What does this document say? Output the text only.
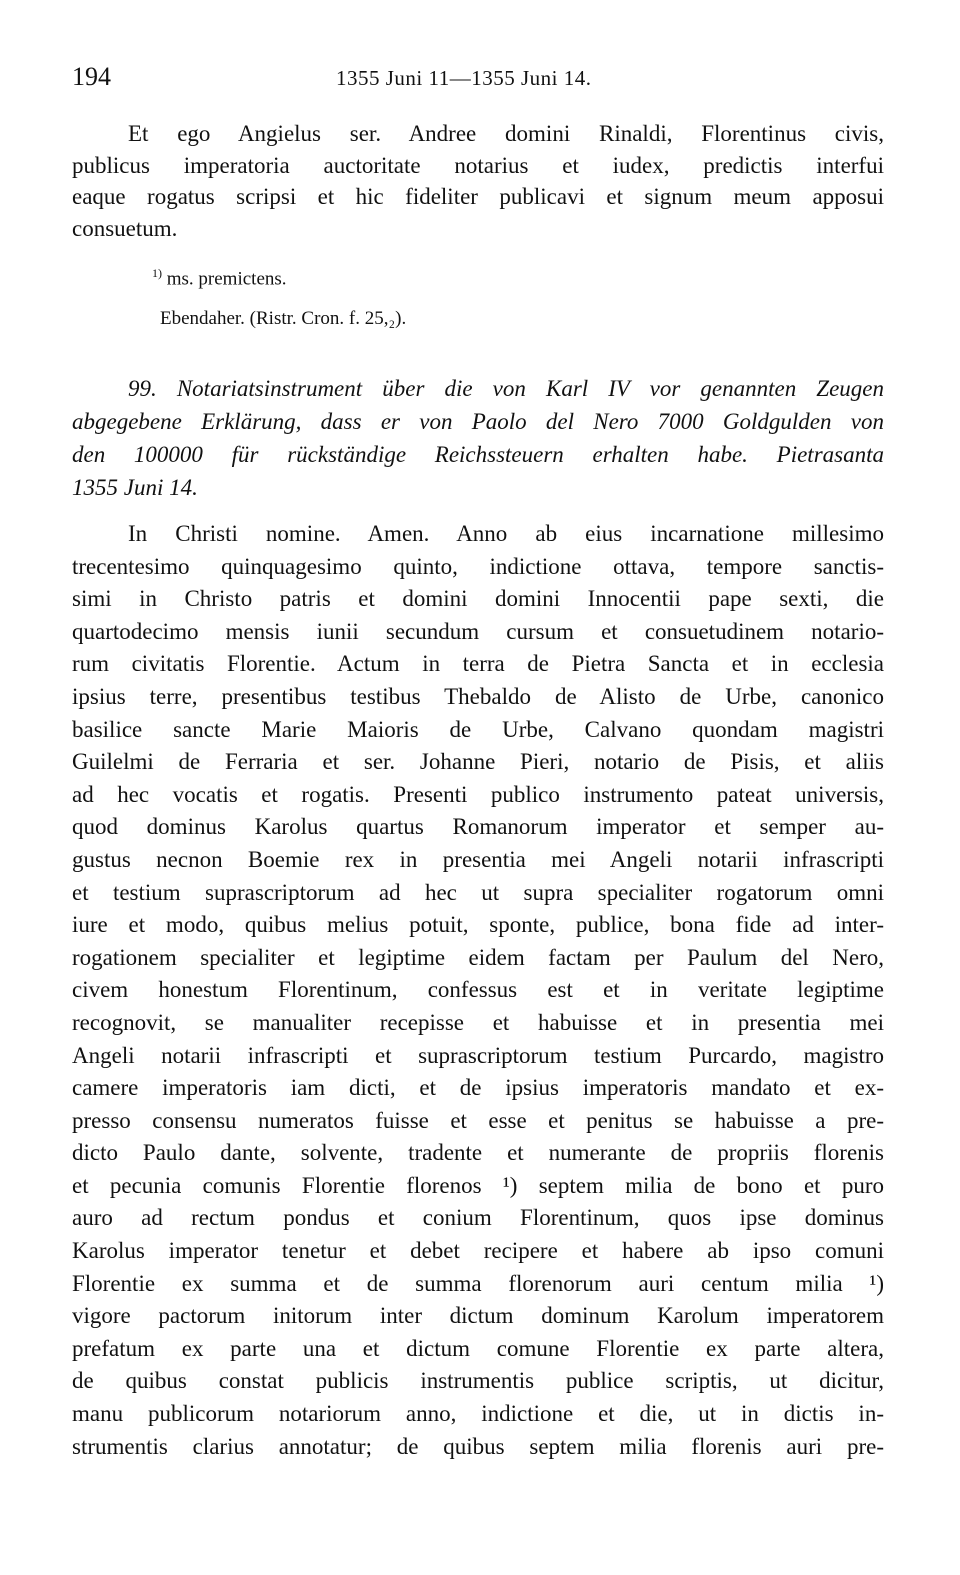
194	1355 Juni 11—1355 Juni 14.
Et ego Angielus ser. Andree domini Rinaldi, Florentinus civis,
publicus imperatoria auctoritate notarius et iudex, predictis interfui
eaque rogatus scripsi et hic fideliter publicavi et signum meum apposui
consuetum.
$^{1)}$ ms. premictens.
Ebendaher. (Ristr. Cron. f. 25,₂).
99. Notariatsinstrument über die von Karl IV vor genannten Zeugen
abgegebene Erklärung, dass er von Paolo del Nero 7000 Goldgulden von
den 100000 für rückständige Reichssteuern erhalten habe. Pietrasanta
1355 Juni 14.
In Christi nomine. Amen. Anno ab eius incarnatione millesimo
trecentesimo quinquagesimo quinto, indictione ottava, tempore sanctis-
simi in Christo patris et domini domini Innocentii pape sexti, die
quartodecimo mensis iunii secundum cursum et consuetudinem notario-
rum civitatis Florentie. Actum in terra de Pietra Sancta et in ecclesia
ipsius terre, presentibus testibus Thebaldo de Alisto de Urbe, canonico
basilice sancte Marie Maioris de Urbe, Calvano quondam magistri
Guilelmi de Ferraria et ser. Johanne Pieri, notario de Pisis, et aliis
ad hec vocatis et rogatis. Presenti publico instrumento pateat universis,
quod dominus Karolus quartus Romanorum imperator et semper au-
gustus necnon Boemie rex in presentia mei Angeli notarii infrascripti
et testium suprascriptorum ad hec ut supra specialiter rogatorum omni
iure et modo, quibus melius potuit, sponte, publice, bona fide ad inter-
rogationem specialiter et legiptime eidem factam per Paulum del Nero,
civem honestum Florentinum, confessus est et in veritate legiptime
recognovit, se manualiter recepisse et habuisse et in presentia mei
Angeli notarii infrascripti et suprascriptorum testium Purcardo, magistro
camere imperatoris iam dicti, et de ipsius imperatoris mandato et ex-
presso consensu numeratos fuisse et esse et penitus se habuisse a pre-
dicto Paulo dante, solvente, tradente et numerante de propriis florenis
et pecunia comunis Florentie florenos ¹) septem milia de bono et puro
auro ad rectum pondus et conium Florentinum, quos ipse dominus
Karolus imperator tenetur et debet recipere et habere ab ipso comuni
Florentie ex summa et de summa florenorum auri centum milia ¹)
vigore pactorum initorum inter dictum dominum Karolum imperatorem
prefatum ex parte una et dictum comune Florentie ex parte altera,
de quibus constat publicis instrumentis publice scriptis, ut dicitur,
manu publicorum notariorum anno, indictione et die, ut in dictis in-
strumentis clarius annotatur; de quibus septem milia florenis auri pre-
